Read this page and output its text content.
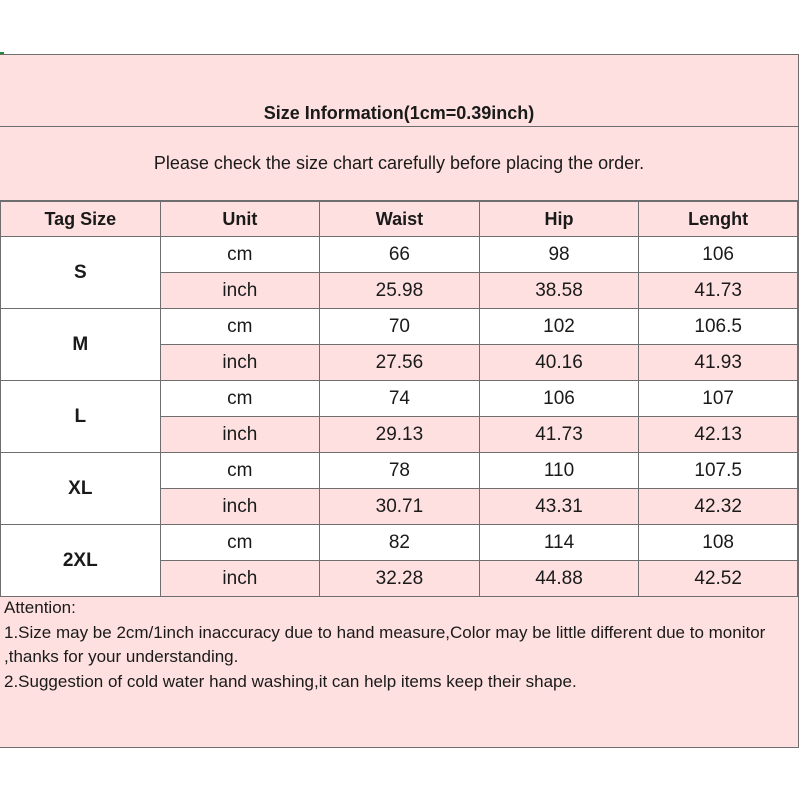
Size Information(1cm=0.39inch)
Please check the size chart carefully before placing the order.
Tag Size	Unit	Waist	Hip	Lenght
S	cm	66	98	106
	inch	25.98	38.58	41.73
M	cm	70	102	106.5
	inch	27.56	40.16	41.93
L	cm	74	106	107
	inch	29.13	41.73	42.13
XL	cm	78	110	107.5
	inch	30.71	43.31	42.32
2XL	cm	82	114	108
	inch	32.28	44.88	42.52
Attention:
1.Size may be 2cm/1inch inaccuracy due to hand measure,Color may be little different due to monitor ,thanks for your understanding.
2.Suggestion of cold water hand washing,it can help items keep their shape.
